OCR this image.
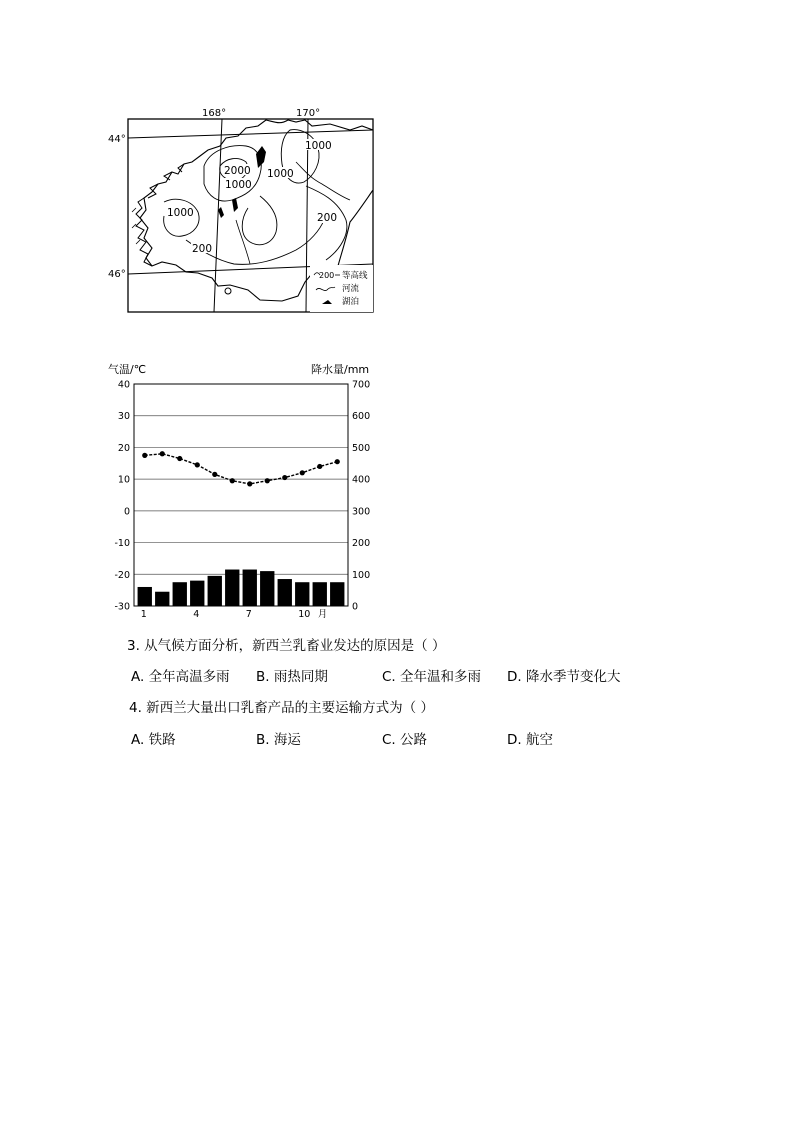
168°	170°
44°
46°
1000
2000
1000
1000
1000	200
200
200 等高线
河流
湖泊
气温/℃	降水量/mm
40
30
20
10
0
-10
-20
-30
700
600
500
400
300
200
100
0
1	4	7	10 月
3. 从气候方面分析，新西兰乳畜业发达的原因是（ ）
A. 全年高温多雨 B. 雨热同期	C. 全年温和多雨 D. 降水季节变化大
4. 新西兰大量出口乳畜产品的主要运输方式为（ ）
A. 铁路	B. 海运	C. 公路	D. 航空
